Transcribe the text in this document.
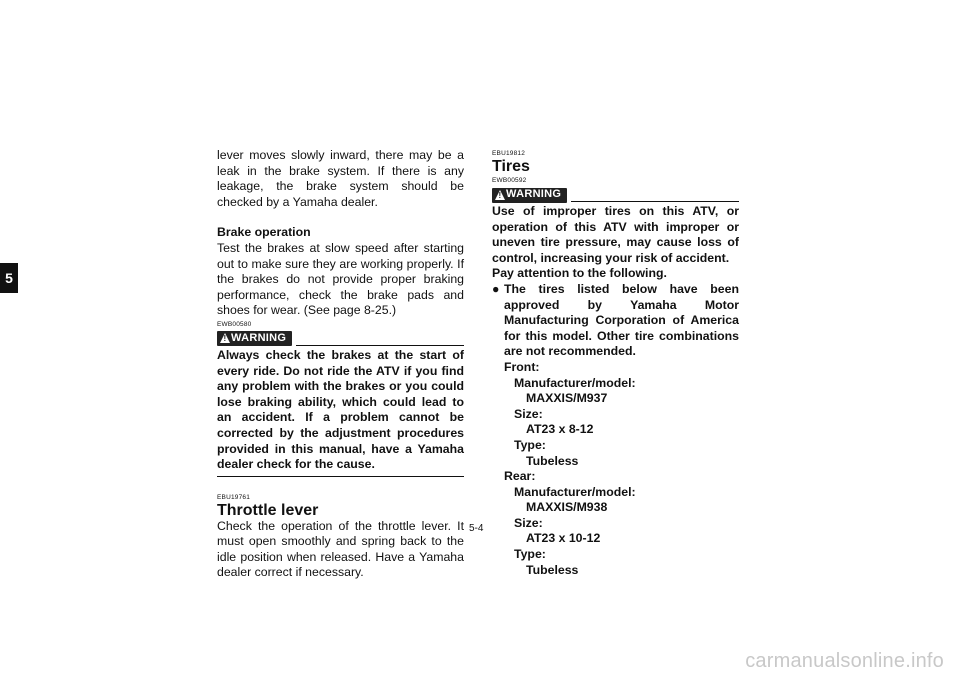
5

lever moves slowly inward, there may be a leak in the brake system. If there is any leakage, the brake system should be checked by a Yamaha dealer.

Brake operation

Test the brakes at slow speed after starting out to make sure they are working properly. If the brakes do not provide proper braking performance, check the brake pads and shoes for wear. (See page 8-25.)

EWB00580
! WARNING

Always check the brakes at the start of every ride. Do not ride the ATV if you find any problem with the brakes or you could lose braking ability, which could lead to an accident. If a problem cannot be corrected by the adjustment procedures provided in this manual, have a Yamaha dealer check for the cause.

EBU19761

Throttle lever

Check the operation of the throttle lever. It must open smoothly and spring back to the idle position when released. Have a Yamaha dealer correct if necessary.

EBU19812

Tires

EWB00592
! WARNING

Use of improper tires on this ATV, or operation of this ATV with improper or uneven tire pressure, may cause loss of control, increasing your risk of accident.

Pay attention to the following.

● The tires listed below have been approved by Yamaha Motor Manufacturing Corporation of America for this model. Other tire combinations are not recommended.
Front:
Manufacturer/model:
MAXXIS/M937
Size:
AT23 x 8-12
Type:
Tubeless
Rear:
Manufacturer/model:
MAXXIS/M938
Size:
AT23 x 10-12
Type:
Tubeless
5-4
carmanualsonline.info
